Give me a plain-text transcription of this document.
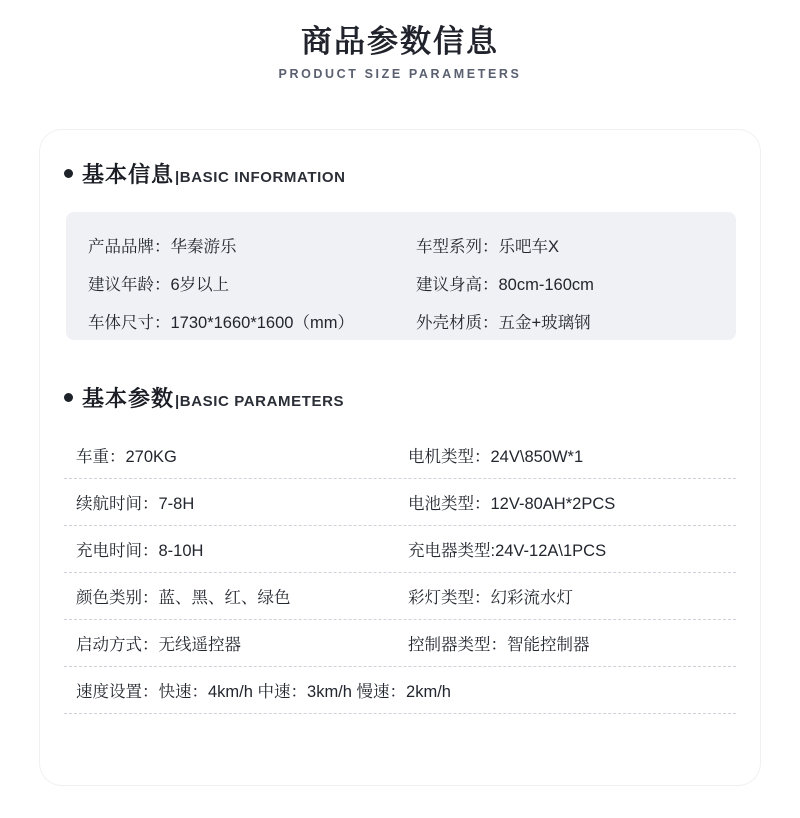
商品参数信息
PRODUCT SIZE PARAMETERS
基本信息 |BASIC INFORMATION
产品品牌：华秦游乐	车型系列：乐吧车X
建议年龄：6岁以上	建议身高：80cm-160cm
车体尺寸：1730*1660*1600（mm）	外壳材质：五金+玻璃钢
基本参数 |BASIC PARAMETERS
车重：270KG	电机类型：24V\850W*1
续航时间：7-8H	电池类型：12V-80AH*2PCS
充电时间：8-10H	充电器类型:24V-12A\1PCS
颜色类别：蓝、黑、红、绿色	彩灯类型：幻彩流水灯
启动方式：无线遥控器	控制器类型：智能控制器
速度设置：快速：4km/h 中速：3km/h 慢速：2km/h
